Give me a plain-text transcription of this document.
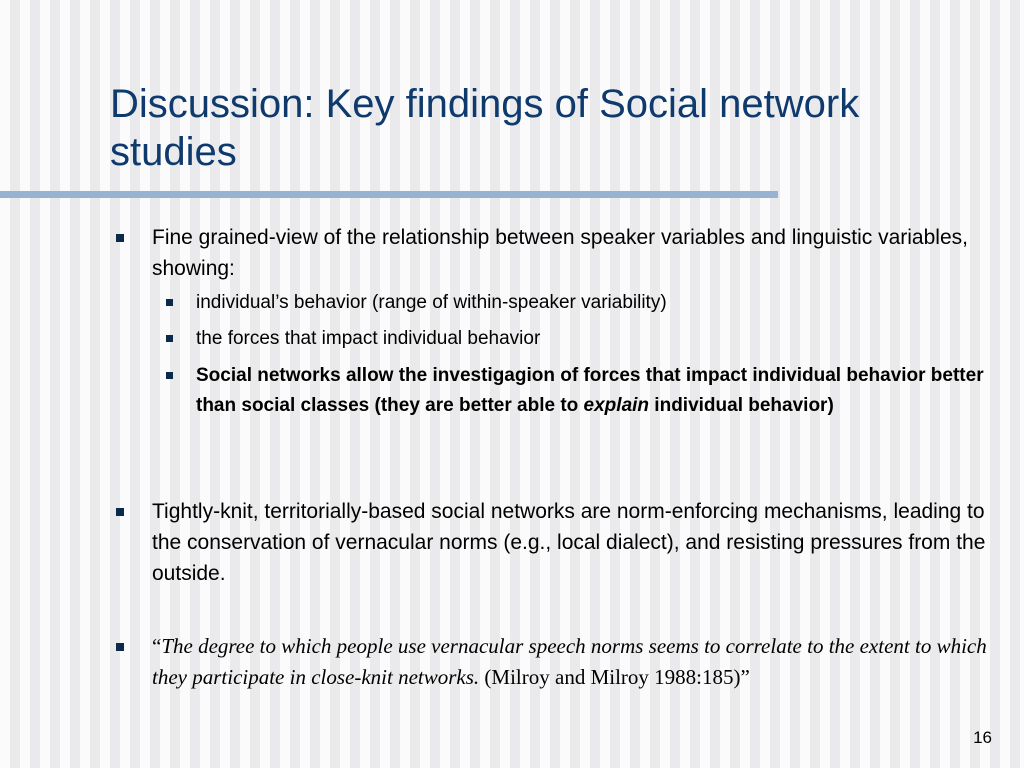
Discussion: Key findings of Social network studies
Fine grained-view of the relationship between speaker variables and linguistic variables, showing:
individual’s behavior (range of within-speaker variability)
the forces that impact individual behavior
Social networks allow the investigagion of forces that impact individual behavior better than social classes (they are better able to explain individual behavior)
Tightly-knit, territorially-based social networks are norm-enforcing mechanisms, leading to the conservation of vernacular norms (e.g., local dialect), and resisting pressures from the outside.
“The degree to which people use vernacular speech norms seems to correlate to the extent to which they participate in close-knit networks. (Milroy and Milroy 1988:185)”
16
